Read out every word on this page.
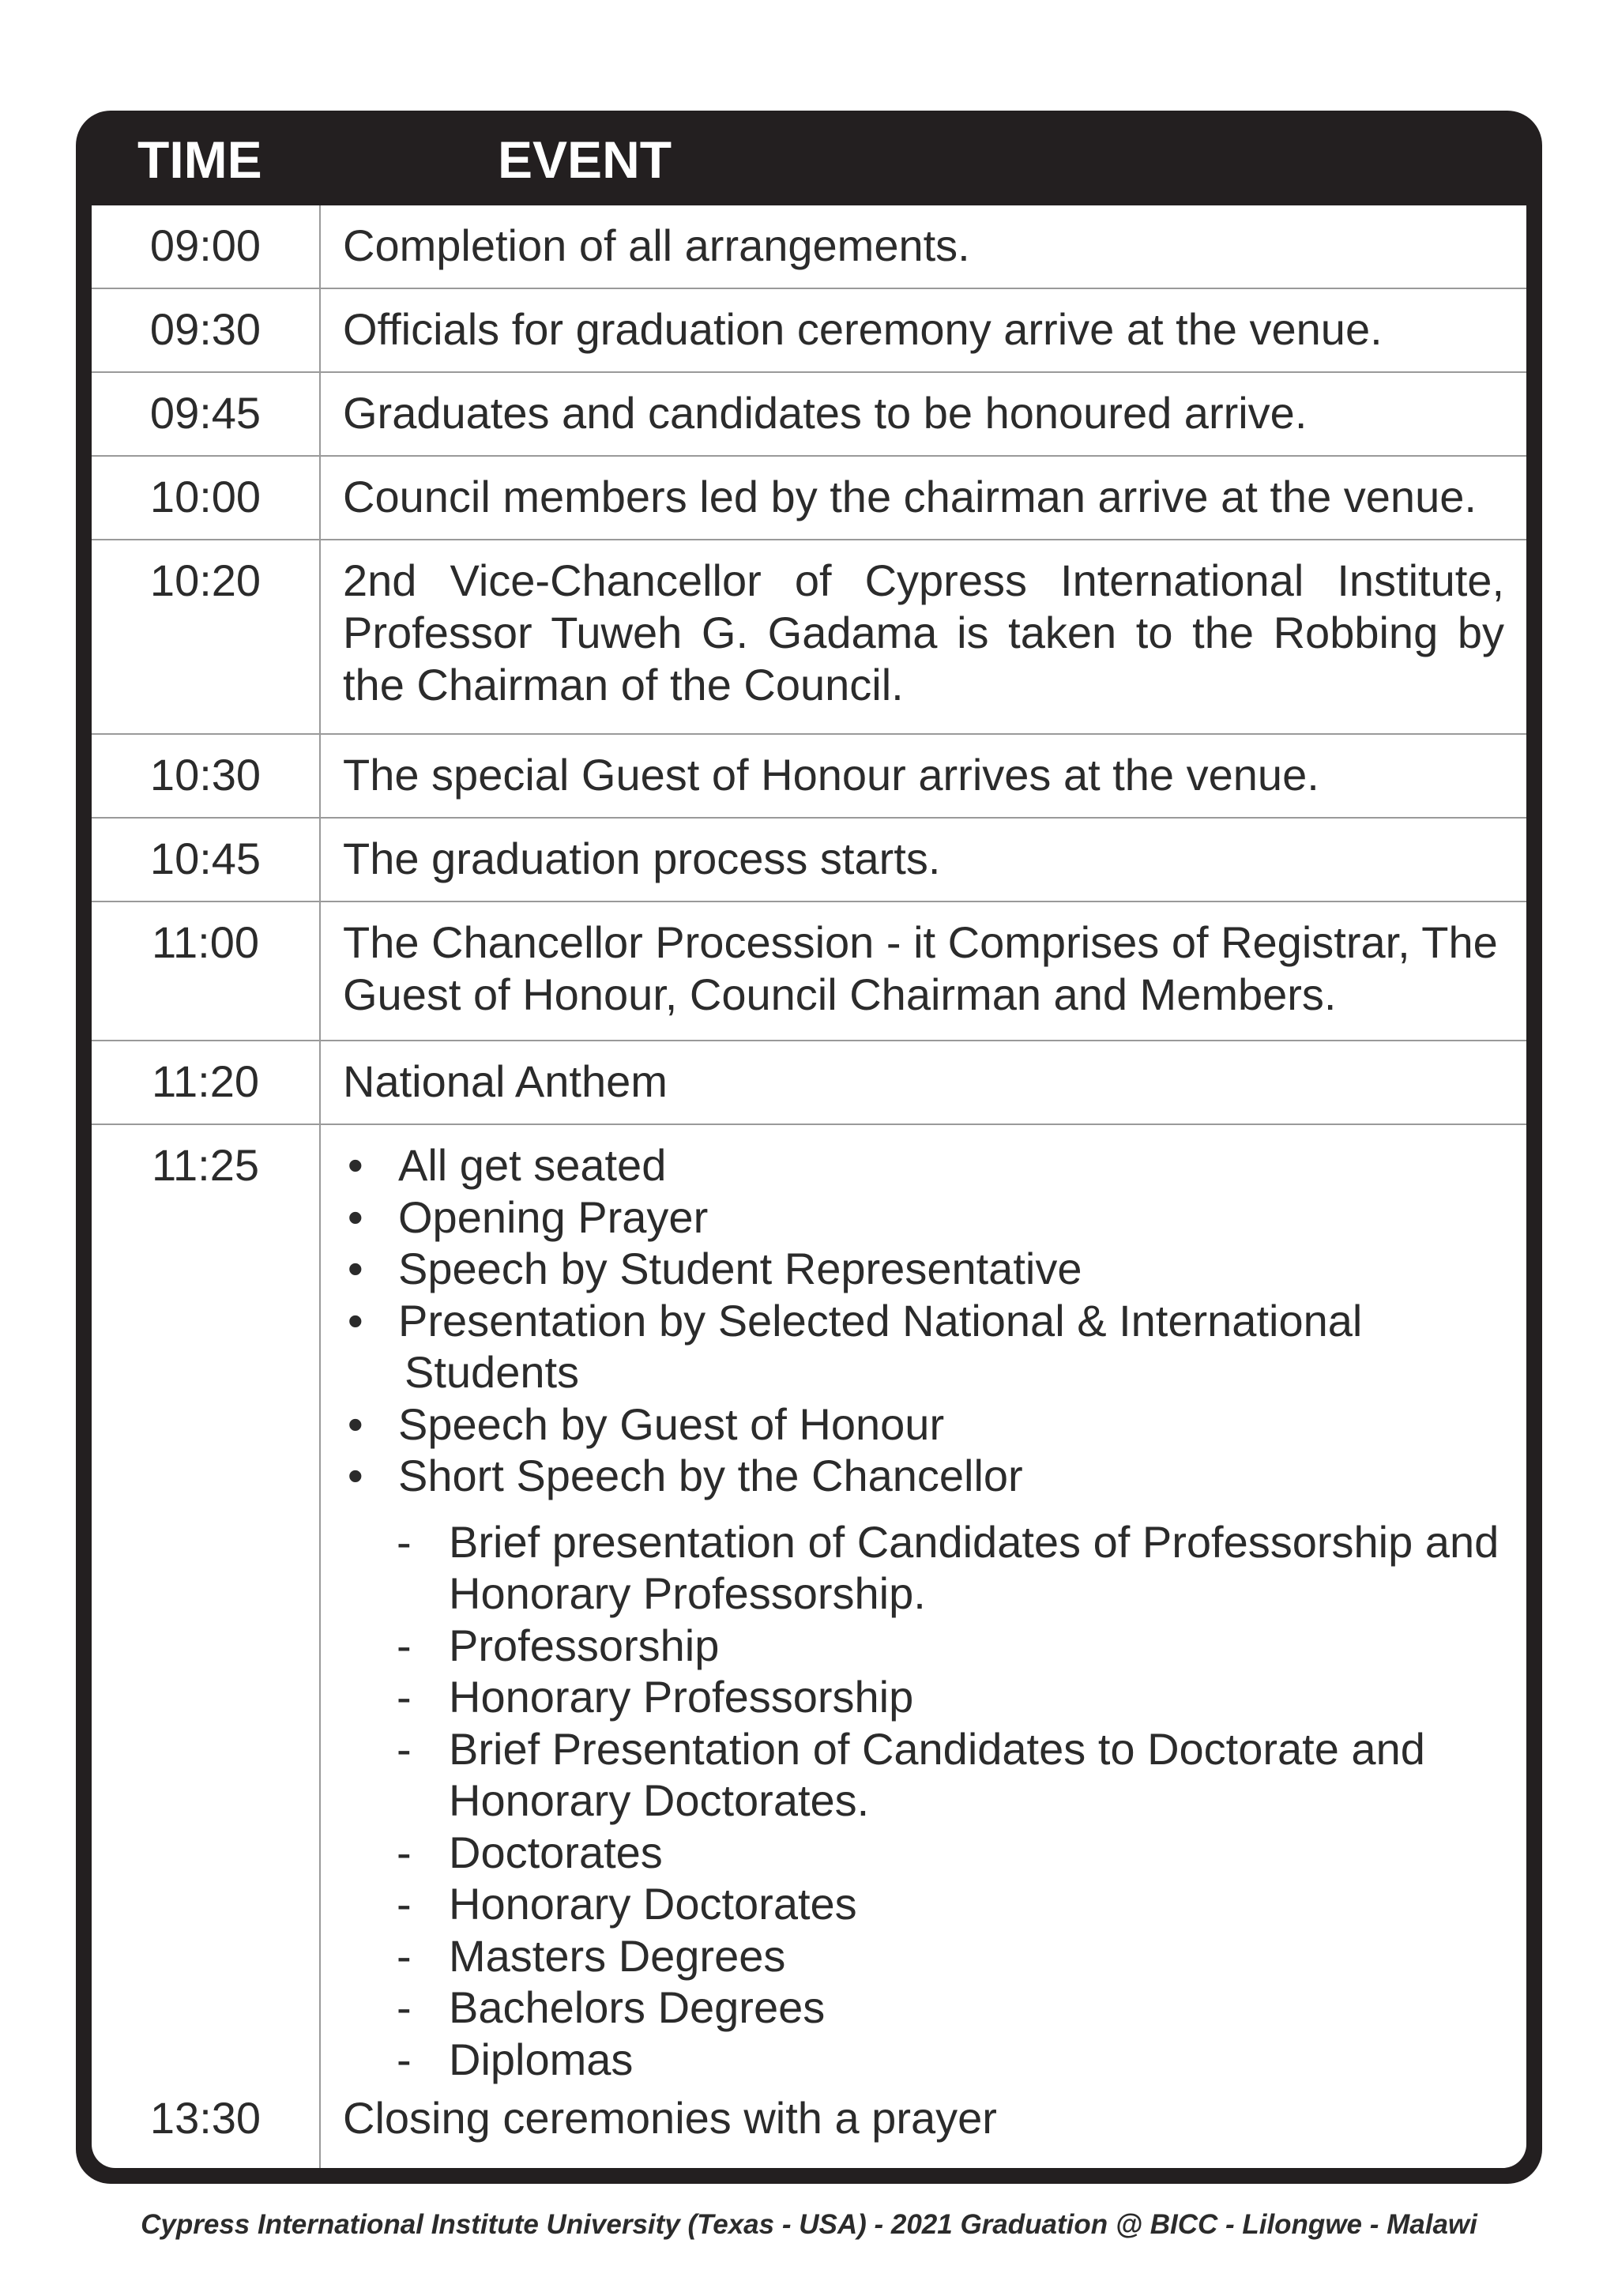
TIME	EVENT
09:00	Completion of all arrangements.
09:30	Officials for graduation ceremony arrive at the venue.
09:45	Graduates and candidates to be honoured arrive.
10:00	Council members led by the chairman arrive at the venue.
10:20	2nd Vice-Chancellor of Cypress International Institute, Professor Tuweh G. Gadama is taken to the Robbing by the Chairman of the Council.
10:30	The special Guest of Honour arrives at the venue.
10:45	The graduation process starts.
11:00	The Chancellor Procession - it Comprises of Registrar, The Guest of Honour, Council Chairman and Members.
11:20	National Anthem
11:25	• All get seated
• Opening Prayer
• Speech by Student Representative
• Presentation by Selected National & International
Students
• Speech by Guest of Honour
• Short Speech by the Chancellor
- Brief presentation of Candidates of Professorship and Honorary Professorship.
- Professorship
- Honorary Professorship
- Brief Presentation of Candidates to Doctorate and Honorary Doctorates.
- Doctorates
- Honorary Doctorates
- Masters Degrees
- Bachelors Degrees
- Diplomas
13:30	Closing ceremonies with a prayer
Cypress International Institute University (Texas - USA) - 2021 Graduation @ BICC - Lilongwe - Malawi
